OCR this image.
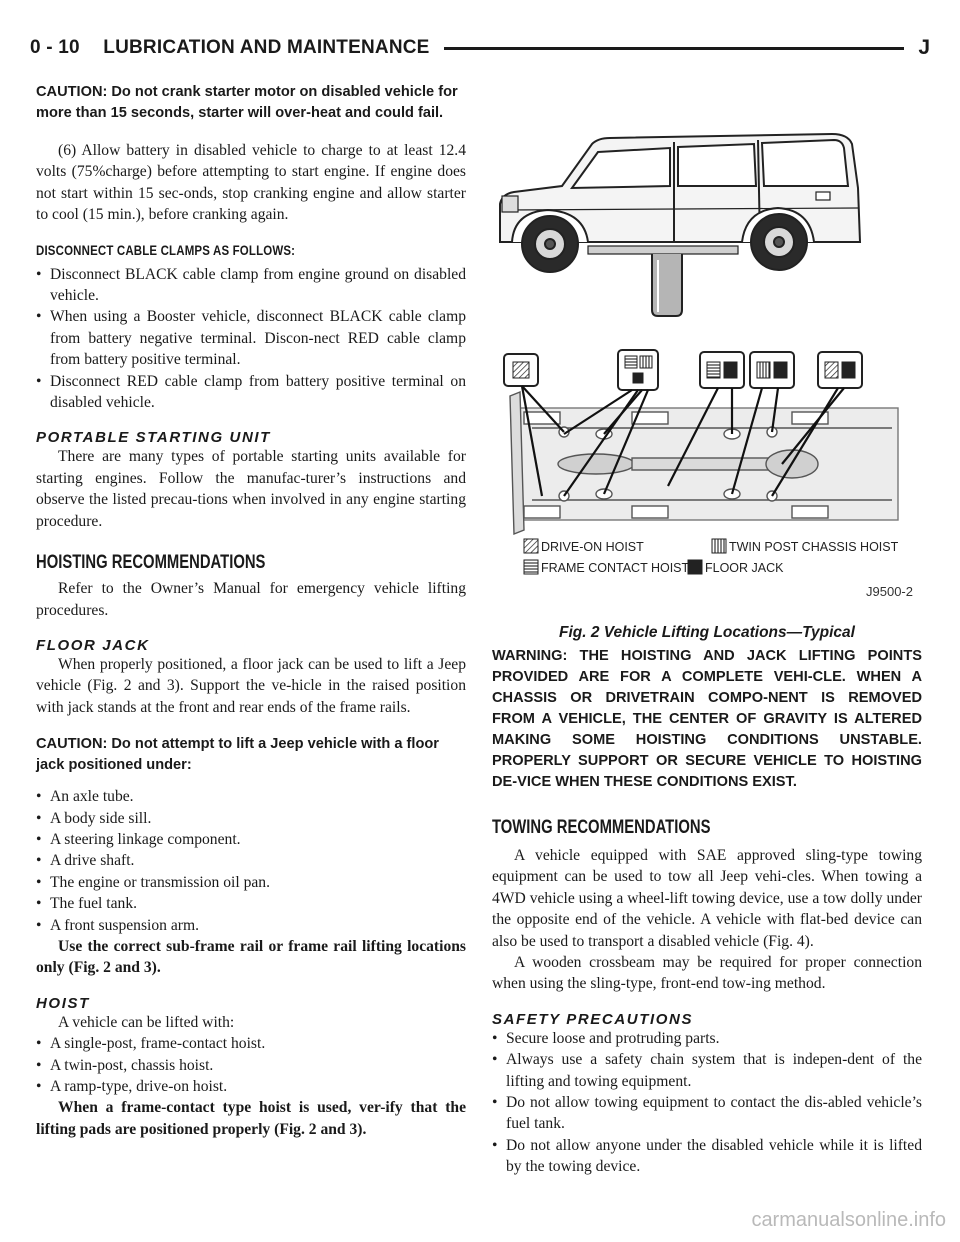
0 - 10 LUBRICATION AND MAINTENANCE	J

CAUTION: Do not crank starter motor on disabled vehicle for more than 15 seconds, starter will over-heat and could fail.

(6) Allow battery in disabled vehicle to charge to at least 12.4 volts (75%charge) before attempting to start engine. If engine does not start within 15 sec-onds, stop cranking engine and allow starter to cool (15 min.), before cranking again.

DISCONNECT CABLE CLAMPS AS FOLLOWS:
• Disconnect BLACK cable clamp from engine ground on disabled vehicle.
• When using a Booster vehicle, disconnect BLACK cable clamp from battery negative terminal. Discon-nect RED cable clamp from battery positive terminal.
• Disconnect RED cable clamp from battery positive terminal on disabled vehicle.
PORTABLE STARTING UNIT

There are many types of portable starting units available for starting engines. Follow the manufac-turer’s instructions and observe the listed precau-tions when involved in any engine starting procedure.

HOISTING RECOMMENDATIONS

Refer to the Owner’s Manual for emergency vehicle lifting procedures.

FLOOR JACK

When properly positioned, a floor jack can be used to lift a Jeep vehicle (Fig. 2 and 3). Support the ve-hicle in the raised position with jack stands at the front and rear ends of the frame rails.

CAUTION: Do not attempt to lift a Jeep vehicle with a floor jack positioned under:

• An axle tube.
• A body side sill.
• A steering linkage component.
• A drive shaft.
• The engine or transmission oil pan.
• The fuel tank.
• A front suspension arm.

Use the correct sub-frame rail or frame rail lifting locations only (Fig. 2 and 3).

HOIST

A vehicle can be lifted with:

• A single-post, frame-contact hoist.
• A twin-post, chassis hoist.
• A ramp-type, drive-on hoist.

When a frame-contact type hoist is used, ver-ify that the lifting pads are positioned properly (Fig. 2 and 3).

DRIVE-ON HOIST	TWIN POST CHASSIS HOIST
FRAME CONTACT HOIST FLOOR JACK
J9500-2
Fig. 2 Vehicle Lifting Locations—Typical

WARNING: THE HOISTING AND JACK LIFTING POINTS PROVIDED ARE FOR A COMPLETE VEHI-CLE. WHEN A CHASSIS OR DRIVETRAIN COMPO-NENT IS REMOVED FROM A VEHICLE, THE CENTER OF GRAVITY IS ALTERED MAKING SOME HOISTING CONDITIONS UNSTABLE. PROPERLY SUPPORT OR SECURE VEHICLE TO HOISTING DE-VICE WHEN THESE CONDITIONS EXIST.

TOWING RECOMMENDATIONS

A vehicle equipped with SAE approved sling-type towing equipment can be used to tow all Jeep vehi-cles. When towing a 4WD vehicle using a wheel-lift towing device, use a tow dolly under the opposite end of the vehicle. A vehicle with flat-bed device can also be used to transport a disabled vehicle (Fig. 4).

A wooden crossbeam may be required for proper connection when using the sling-type, front-end tow-ing method.

SAFETY PRECAUTIONS
• Secure loose and protruding parts.
• Always use a safety chain system that is indepen-dent of the lifting and towing equipment.
• Do not allow towing equipment to contact the dis-abled vehicle’s fuel tank.
• Do not allow anyone under the disabled vehicle while it is lifted by the towing device.
carmanualsonline.info
